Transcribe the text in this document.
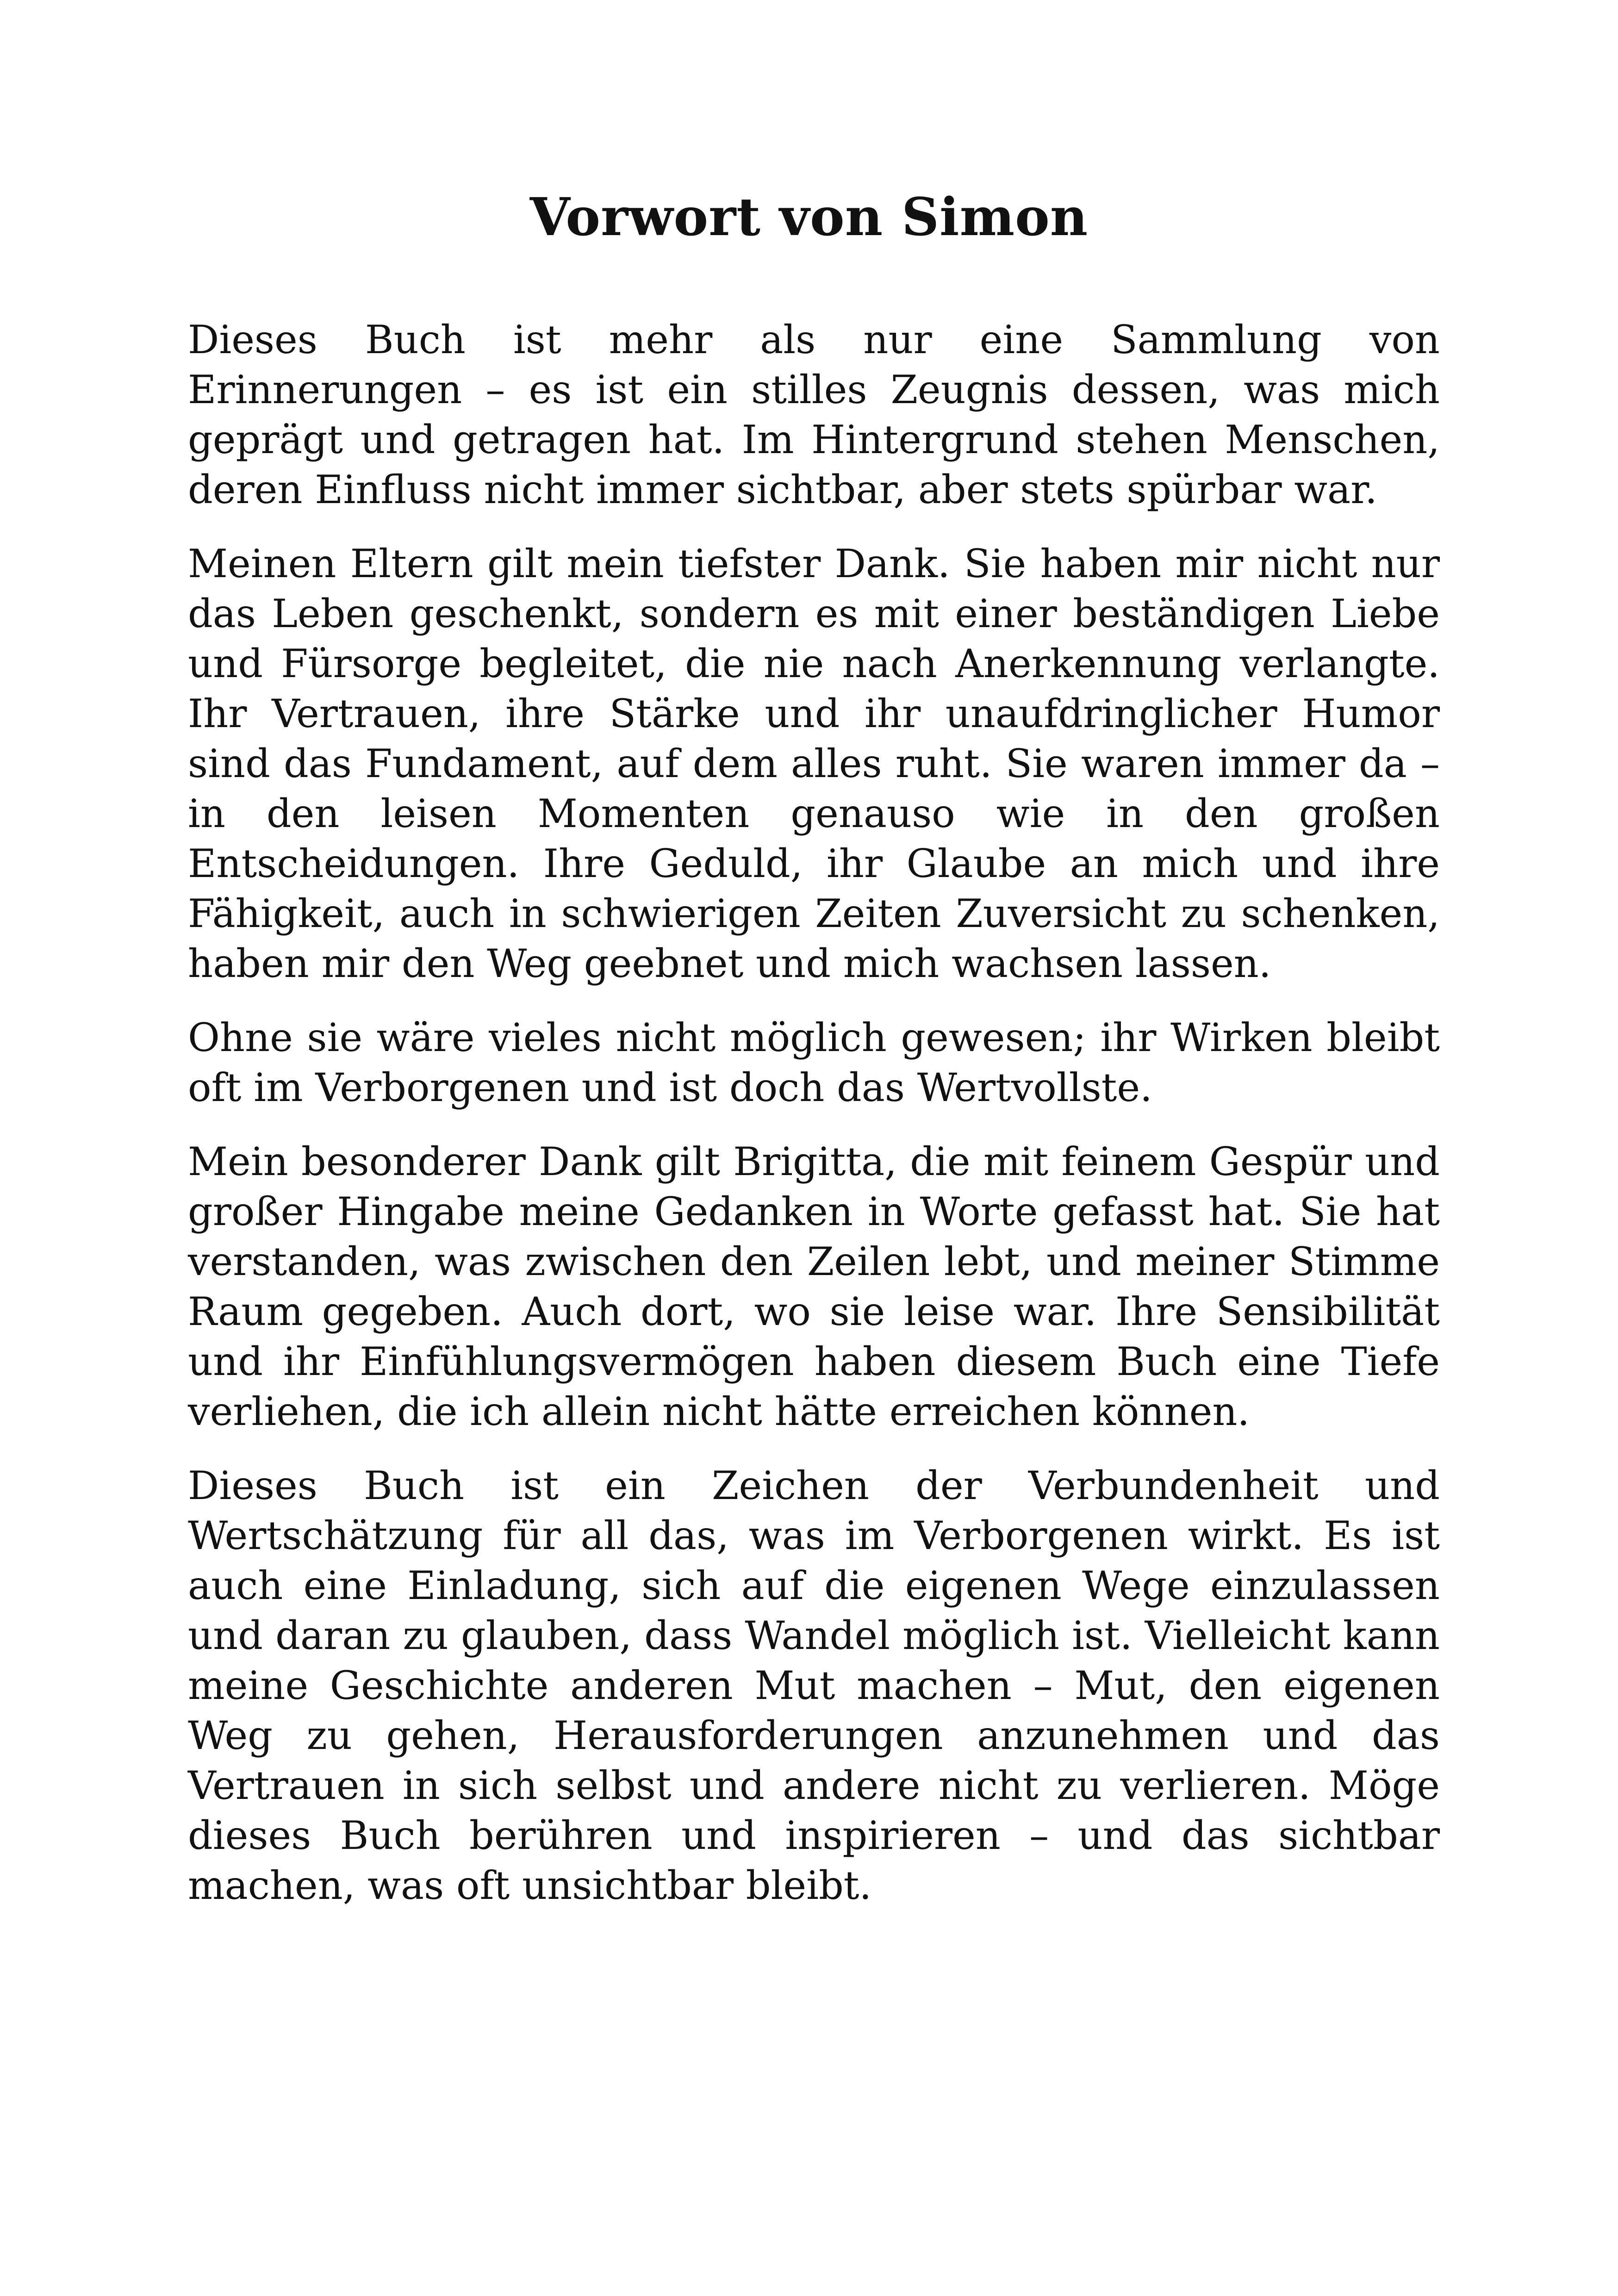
Vorwort von Simon

Dieses Buch ist mehr als nur eine Sammlung von Erinnerungen – es ist ein stilles Zeugnis dessen, was mich geprägt und getragen hat. Im Hintergrund stehen Menschen, deren Einfluss nicht immer sichtbar, aber stets spürbar war.

Meinen Eltern gilt mein tiefster Dank. Sie haben mir nicht nur das Leben geschenkt, sondern es mit einer beständigen Liebe und Fürsorge begleitet, die nie nach Anerkennung verlangte. Ihr Vertrauen, ihre Stärke und ihr unaufdringlicher Humor sind das Fundament, auf dem alles ruht. Sie waren immer da – in den leisen Momenten genauso wie in den großen Entscheidungen. Ihre Geduld, ihr Glaube an mich und ihre Fähigkeit, auch in schwierigen Zeiten Zuversicht zu schenken, haben mir den Weg geebnet und mich wachsen lassen.

Ohne sie wäre vieles nicht möglich gewesen; ihr Wirken bleibt oft im Verborgenen und ist doch das Wertvollste.

Mein besonderer Dank gilt Brigitta, die mit feinem Gespür und großer Hingabe meine Gedanken in Worte gefasst hat. Sie hat verstanden, was zwischen den Zeilen lebt, und meiner Stimme Raum gegeben. Auch dort, wo sie leise war. Ihre Sensibilität und ihr Einfühlungsvermögen haben diesem Buch eine Tiefe verliehen, die ich allein nicht hätte erreichen können.

Dieses Buch ist ein Zeichen der Verbundenheit und Wertschätzung für all das, was im Verborgenen wirkt. Es ist auch eine Einladung, sich auf die eigenen Wege einzulassen und daran zu glauben, dass Wandel möglich ist. Vielleicht kann meine Geschichte anderen Mut machen – Mut, den eigenen Weg zu gehen, Herausforderungen anzunehmen und das Vertrauen in sich selbst und andere nicht zu verlieren. Möge dieses Buch berühren und inspirieren – und das sichtbar machen, was oft unsichtbar bleibt.
